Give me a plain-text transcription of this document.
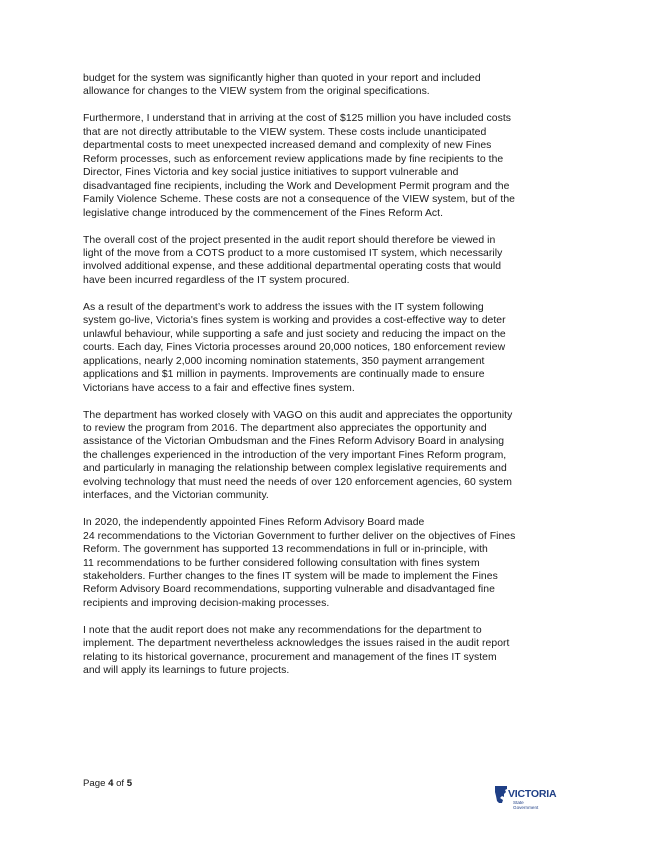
budget for the system was significantly higher than quoted in your report and included
allowance for changes to the VIEW system from the original specifications.

Furthermore, I understand that in arriving at the cost of $125 million you have included costs
that are not directly attributable to the VIEW system. These costs include unanticipated
departmental costs to meet unexpected increased demand and complexity of new Fines
Reform processes, such as enforcement review applications made by fine recipients to the
Director, Fines Victoria and key social justice initiatives to support vulnerable and
disadvantaged fine recipients, including the Work and Development Permit program and the
Family Violence Scheme. These costs are not a consequence of the VIEW system, but of the
legislative change introduced by the commencement of the Fines Reform Act.

The overall cost of the project presented in the audit report should therefore be viewed in
light of the move from a COTS product to a more customised IT system, which necessarily
involved additional expense, and these additional departmental operating costs that would
have been incurred regardless of the IT system procured.

As a result of the department’s work to address the issues with the IT system following
system go-live, Victoria's fines system is working and provides a cost-effective way to deter
unlawful behaviour, while supporting a safe and just society and reducing the impact on the
courts. Each day, Fines Victoria processes around 20,000 notices, 180 enforcement review
applications, nearly 2,000 incoming nomination statements, 350 payment arrangement
applications and $1 million in payments. Improvements are continually made to ensure
Victorians have access to a fair and effective fines system.

The department has worked closely with VAGO on this audit and appreciates the opportunity
to review the program from 2016. The department also appreciates the opportunity and
assistance of the Victorian Ombudsman and the Fines Reform Advisory Board in analysing
the challenges experienced in the introduction of the very important Fines Reform program,
and particularly in managing the relationship between complex legislative requirements and
evolving technology that must need the needs of over 120 enforcement agencies, 60 system
interfaces, and the Victorian community.

In 2020, the independently appointed Fines Reform Advisory Board made
24 recommendations to the Victorian Government to further deliver on the objectives of Fines
Reform. The government has supported 13 recommendations in full or in-principle, with
11 recommendations to be further considered following consultation with fines system
stakeholders. Further changes to the fines IT system will be made to implement the Fines
Reform Advisory Board recommendations, supporting vulnerable and disadvantaged fine
recipients and improving decision-making processes.

I note that the audit report does not make any recommendations for the department to
implement. The department nevertheless acknowledges the issues raised in the audit report
relating to its historical governance, procurement and management of the fines IT system
and will apply its learnings to future projects.

Page 4 of 5
VICTORIA
State
Government
